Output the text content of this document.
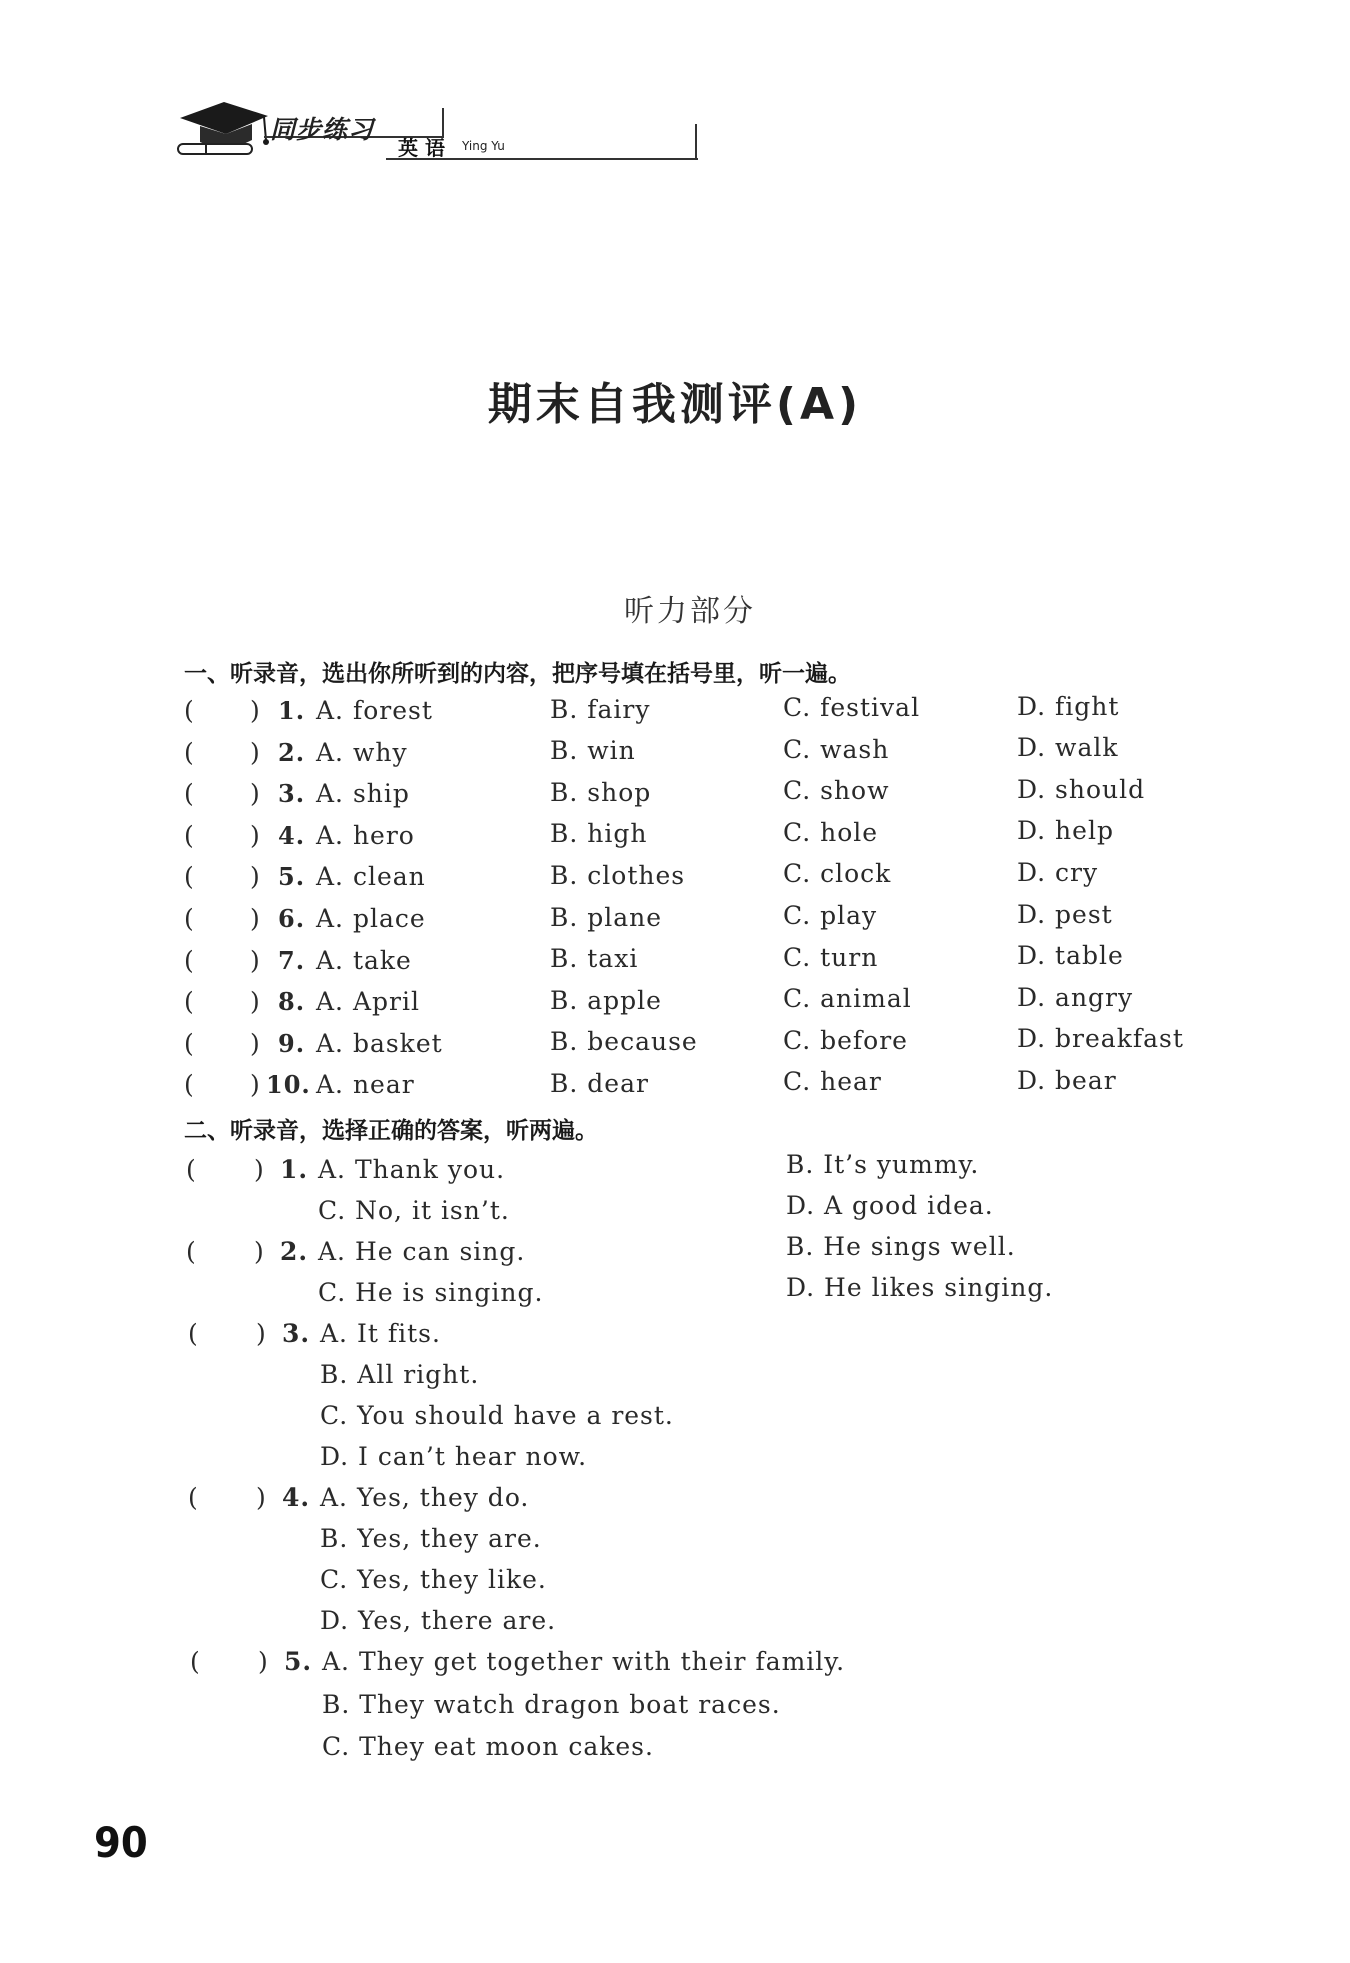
同步练习
英 语 Ying Yu
期末自我测评(A)
听力部分
一、听录音，选出你所听到的内容，把序号填在括号里，听一遍。
( ) 1. A. forest	B. fairy	C. festival	D. fight
( ) 2. A. why	B. win	C. wash	D. walk
( ) 3. A. ship	B. shop	C. show	D. should
( ) 4. A. hero	B. high	C. hole	D. help
( ) 5. A. clean	B. clothes	C. clock	D. cry
( ) 6. A. place	B. plane	C. play	D. pest
( ) 7. A. take	B. taxi	C. turn	D. table
( ) 8. A. April	B. apple	C. animal	D. angry
( ) 9. A. basket	B. because	C. before	D. breakfast
( ) 10. A. near	B. dear	C. hear	D. bear
二、听录音，选择正确的答案，听两遍。
( ) 1. A. Thank you.	B. It’s yummy.
C. No, it isn’t.	D. A good idea.
( ) 2. A. He can sing.	B. He sings well.
C. He is singing.	D. He likes singing.
( ) 3. A. It fits.
B. All right.
C. You should have a rest.
D. I can’t hear now.
( ) 4. A. Yes, they do.
B. Yes, they are.
C. Yes, they like.
D. Yes, there are.
( ) 5. A. They get together with their family.
B. They watch dragon boat races.
C. They eat moon cakes.
90
